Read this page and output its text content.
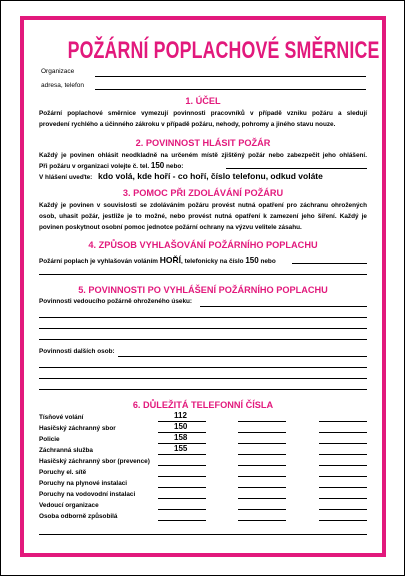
POŽÁRNÍ POPLACHOVÉ SMĚRNICE
Organizace
adresa, telefon
1. ÚČEL
Požární poplachové směrnice vymezují povinnosti pracovníků v případě vzniku požáru a sledují
provedení rychlého a účinného zákroku v případě požáru, nehody, pohromy a jiného stavu nouze.
2. POVINNOST HLÁSIT POŽÁR
Každý je povinen ohlásit neodkladně na určeném místě zjištěný požár nebo zabezpečit jeho ohlášení.
Při požáru v organizaci volejte č. tel. 150 nebo:
V hlášení uveďte: kdo volá, kde hoří - co hoří, číslo telefonu, odkud voláte
3. POMOC PŘI ZDOLÁVÁNÍ POŽÁRU
Každý je povinen v souvislosti se zdoláváním požáru provést nutná opatření pro záchranu ohrožených
osob, uhasit požár, jestliže je to možné, nebo provést nutná opatření k zamezení jeho šíření. Každý je
povinen poskytnout osobní pomoc jednotce požární ochrany na výzvu velitele zásahu.
4. ZPŮSOB VYHLAŠOVÁNÍ POŽÁRNÍHO POPLACHU
Požární poplach je vyhlašován voláním HOŘÍ, telefonicky na číslo 150 nebo
5. POVINNOSTI PO VYHLÁŠENÍ POŽÁRNÍHO POPLACHU
Povinnosti vedoucího požárně ohroženého úseku:
Povinnosti dalších osob:
6. DŮLEŽITÁ TELEFONNÍ ČÍSLA
Tísňové volání	112
Hasičský záchranný sbor	150
Policie	158
Záchranná služba	155
Hasičský záchranný sbor (prevence)
Poruchy el. sítě
Poruchy na plynové instalaci
Poruchy na vodovodní instalaci
Vedoucí organizace
Osoba odborně způsobilá
